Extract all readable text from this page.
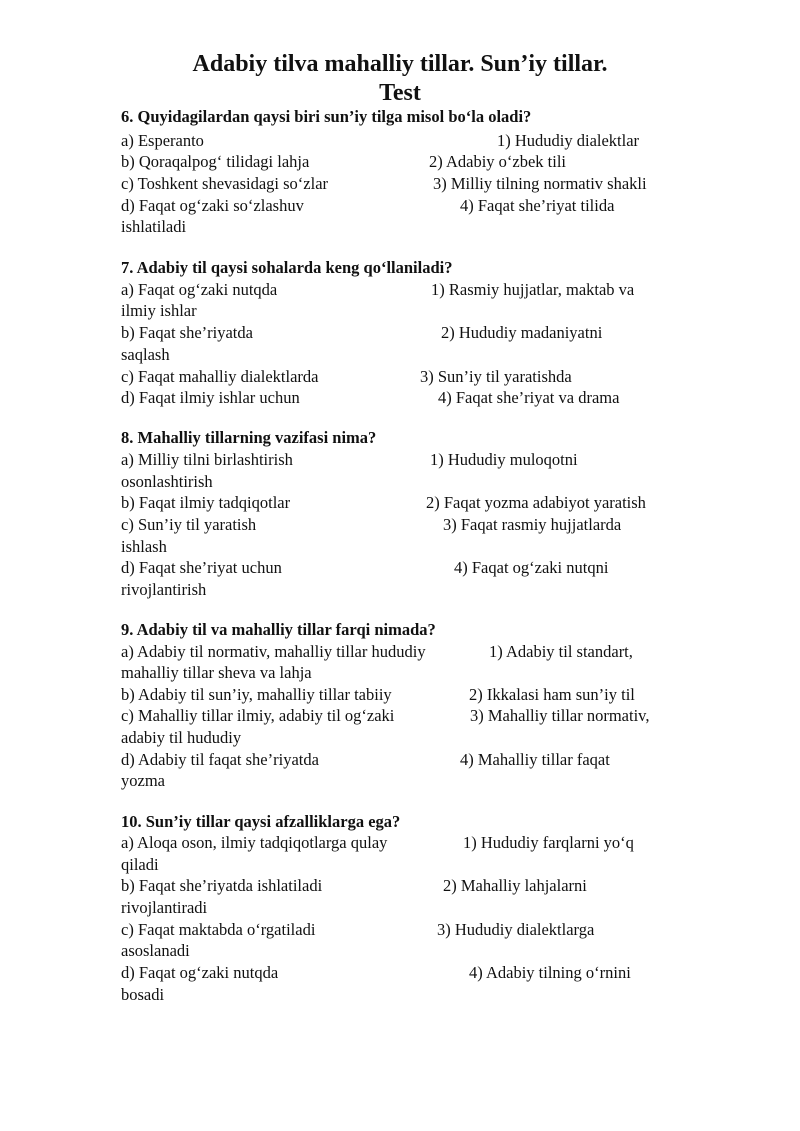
Adabiy tilva mahalliy tillar. Sun’iy tillar.
Test
6. Quyidagilardan qaysi biri sun’iy tilga misol bo‘la oladi?
a) Esperanto	1) Hududiy dialektlar
b) Qoraqalpog‘ tilidagi lahja	2) Adabiy o‘zbek tili
c) Toshkent shevasidagi so‘zlar	3) Milliy tilning normativ shakli
d) Faqat og‘zaki so‘zlashuv	4) Faqat she’riyat tilida
ishlatiladi
7. Adabiy til qaysi sohalarda keng qo‘llaniladi?
a) Faqat og‘zaki nutqda	1) Rasmiy hujjatlar, maktab va
ilmiy ishlar
b) Faqat she’riyatda	2) Hududiy madaniyatni
saqlash
c) Faqat mahalliy dialektlarda	3) Sun’iy til yaratishda
d) Faqat ilmiy ishlar uchun	4) Faqat she’riyat va drama
8. Mahalliy tillarning vazifasi nima?
a) Milliy tilni birlashtirish	1) Hududiy muloqotni
osonlashtirish
b) Faqat ilmiy tadqiqotlar	2) Faqat yozma adabiyot yaratish
c) Sun’iy til yaratish	3) Faqat rasmiy hujjatlarda
ishlash
d) Faqat she’riyat uchun	4) Faqat og‘zaki nutqni
rivojlantirish
9. Adabiy til va mahalliy tillar farqi nimada?
a) Adabiy til normativ, mahalliy tillar hududiy	1) Adabiy til standart,
mahalliy tillar sheva va lahja
b) Adabiy til sun’iy, mahalliy tillar tabiiy	2) Ikkalasi ham sun’iy til
c) Mahalliy tillar ilmiy, adabiy til og‘zaki	3) Mahalliy tillar normativ,
adabiy til hududiy
d) Adabiy til faqat she’riyatda	4) Mahalliy tillar faqat
yozma
10. Sun’iy tillar qaysi afzalliklarga ega?
a) Aloqa oson, ilmiy tadqiqotlarga qulay	1) Hududiy farqlarni yo‘q
qiladi
b) Faqat she’riyatda ishlatiladi	2) Mahalliy lahjalarni
rivojlantiradi
c) Faqat maktabda o‘rgatiladi	3) Hududiy dialektlarga
asoslanadi
d) Faqat og‘zaki nutqda	4) Adabiy tilning o‘rnini
bosadi
